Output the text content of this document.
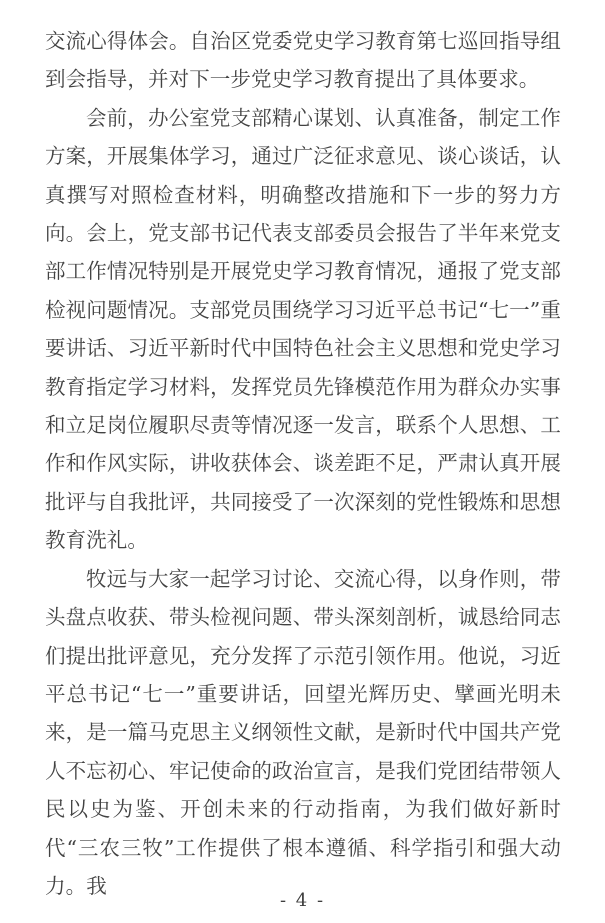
交流心得体会。自治区党委党史学习教育第七巡回指导组到会指导，并对下一步党史学习教育提出了具体要求。

会前，办公室党支部精心谋划、认真准备，制定工作方案，开展集体学习，通过广泛征求意见、谈心谈话，认真撰写对照检查材料，明确整改措施和下一步的努力方向。会上，党支部书记代表支部委员会报告了半年来党支部工作情况特别是开展党史学习教育情况，通报了党支部检视问题情况。支部党员围绕学习习近平总书记“七一”重要讲话、习近平新时代中国特色社会主义思想和党史学习教育指定学习材料，发挥党员先锋模范作用为群众办实事和立足岗位履职尽责等情况逐一发言，联系个人思想、工作和作风实际，讲收获体会、谈差距不足，严肃认真开展批评与自我批评，共同接受了一次深刻的党性锻炼和思想教育洗礼。

牧远与大家一起学习讨论、交流心得，以身作则，带头盘点收获、带头检视问题、带头深刻剖析，诚恳给同志们提出批评意见，充分发挥了示范引领作用。他说，习近平总书记“七一”重要讲话，回望光辉历史、擘画光明未来，是一篇马克思主义纲领性文献，是新时代中国共产党人不忘初心、牢记使命的政治宣言，是我们党团结带领人民以史为鉴、开创未来的行动指南，为我们做好新时代“三农三牧”工作提供了根本遵循、科学指引和强大动力。我

- 4 -
